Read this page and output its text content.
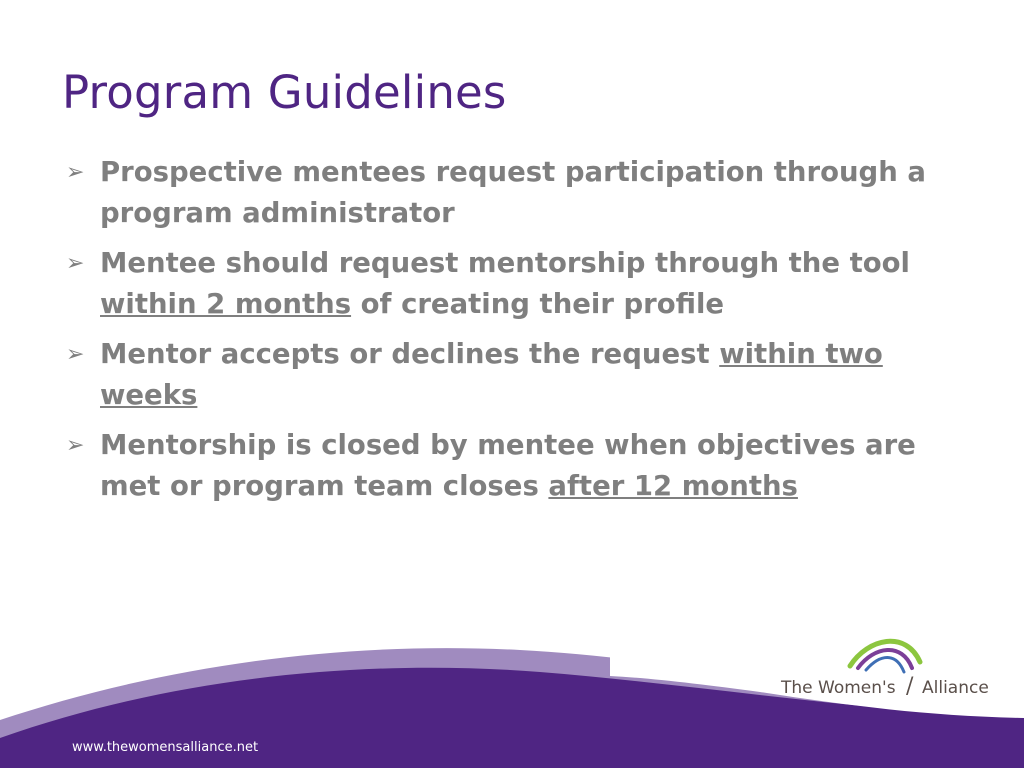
Program Guidelines
➢ Prospective mentees request participation through a program administrator
➢ Mentee should request mentorship through the tool within 2 months of creating their profile
➢ Mentor accepts or declines the request within two weeks
➢ Mentorship is closed by mentee when objectives are met or program team closes after 12 months
www.thewomensalliance.net
The Women's / Alliance
